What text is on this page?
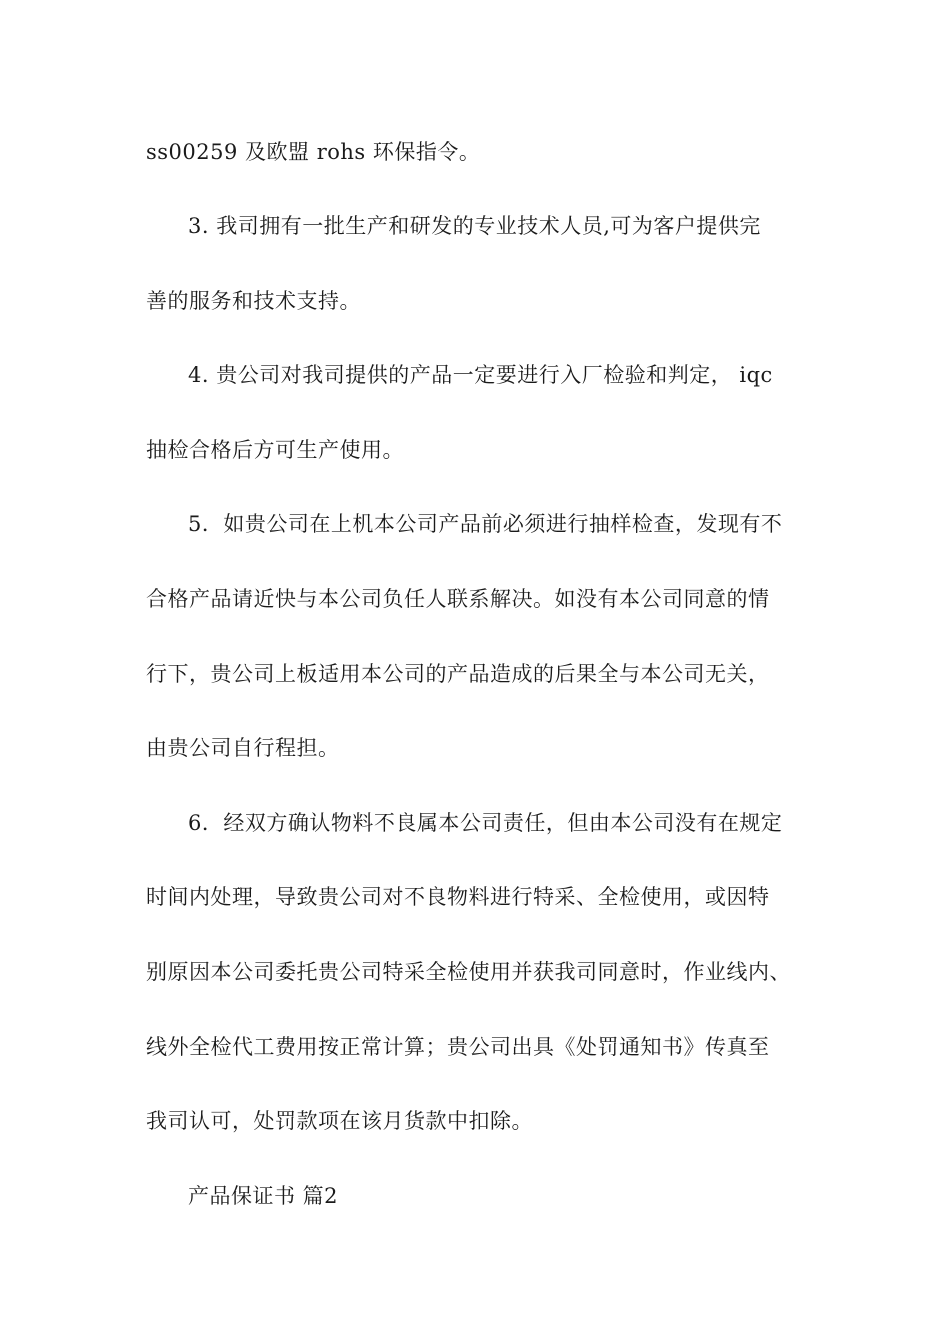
ss00259 及欧盟 rohs 环保指令。
3. 我司拥有一批生产和研发的专业技术人员,可为客户提供完
善的服务和技术支持。
4. 贵公司对我司提供的产品一定要进行入厂检验和判定， iqc
抽检合格后方可生产使用。
5．如贵公司在上机本公司产品前必须进行抽样检查，发现有不
合格产品请近快与本公司负任人联系解决。如没有本公司同意的情
行下，贵公司上板适用本公司的产品造成的后果全与本公司无关，
由贵公司自行程担。
6．经双方确认物料不良属本公司责任，但由本公司没有在规定
时间内处理，导致贵公司对不良物料进行特采、全检使用，或因特
别原因本公司委托贵公司特采全检使用并获我司同意时，作业线内、
线外全检代工费用按正常计算；贵公司出具《处罚通知书》传真至
我司认可，处罚款项在该月货款中扣除。
产品保证书 篇2
